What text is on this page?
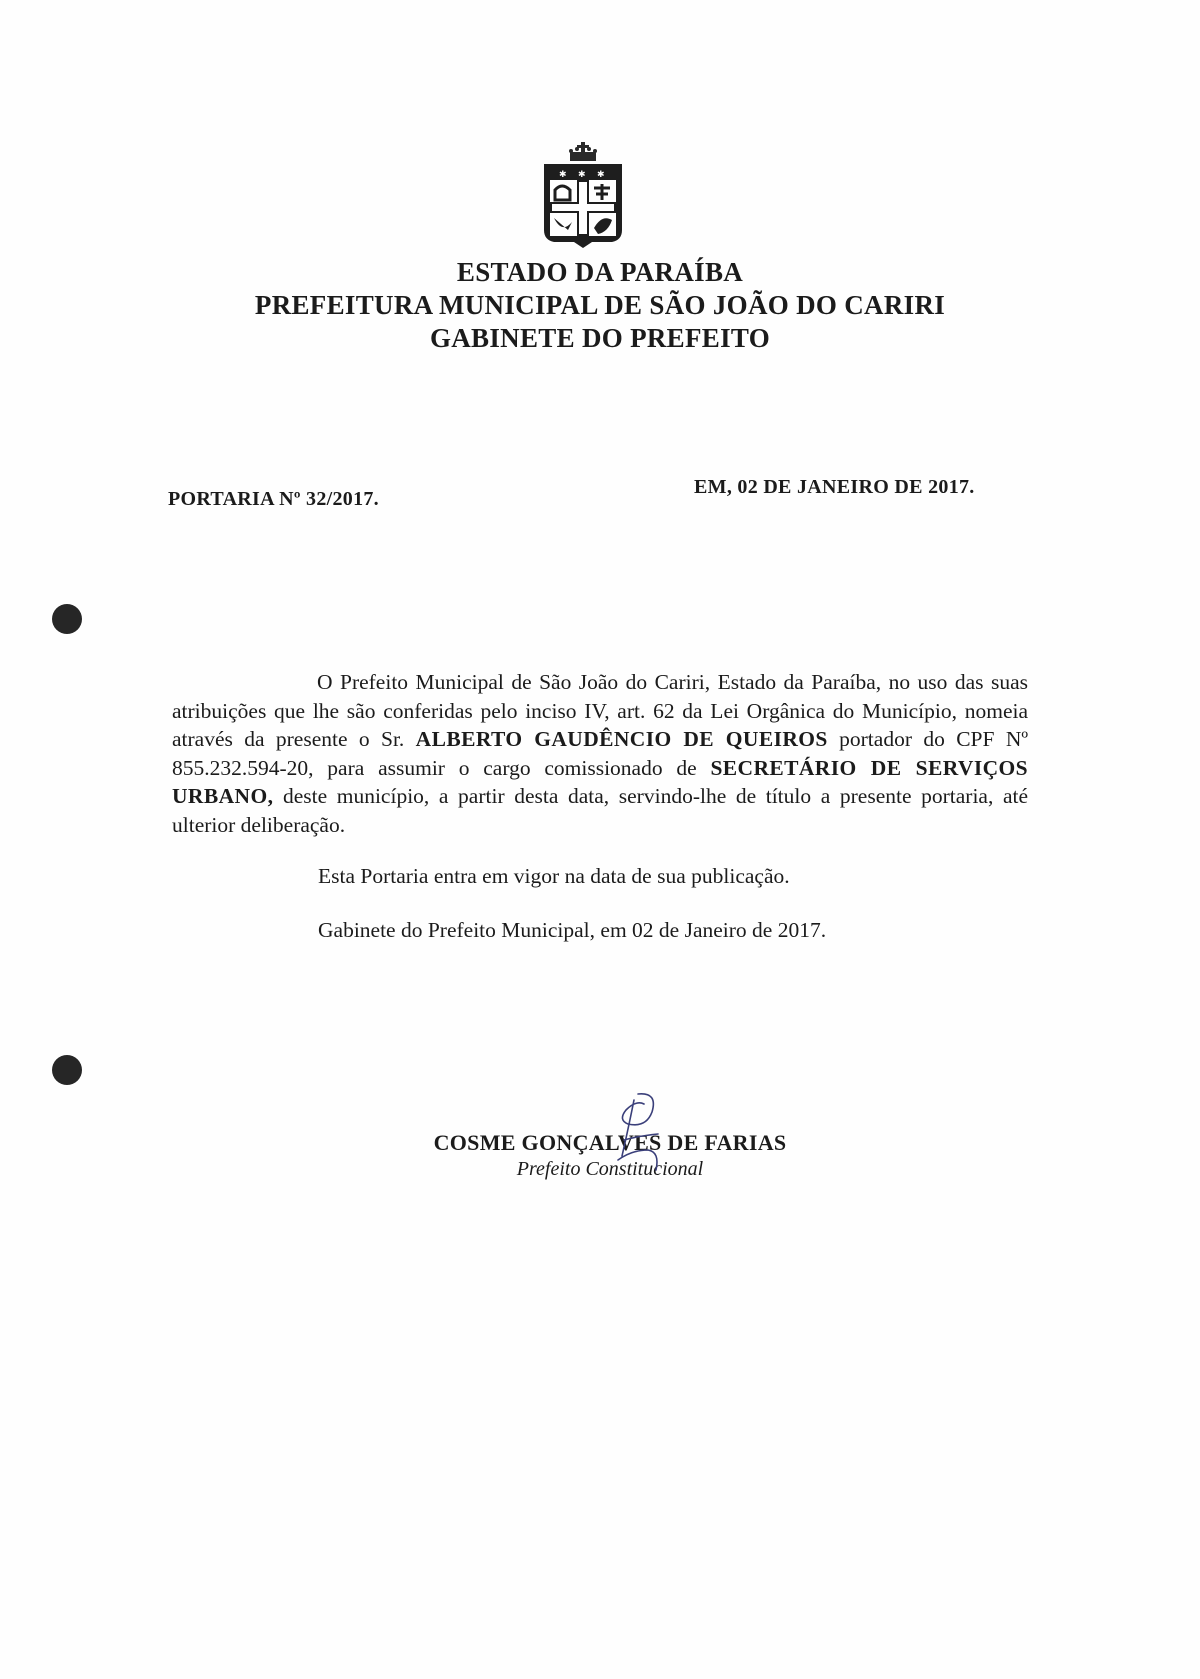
✱ ✱ ✱
ESTADO DA PARAÍBA
PREFEITURA MUNICIPAL DE SÃO JOÃO DO CARIRI
GABINETE DO PREFEITO
PORTARIA Nº 32/2017.
EM, 02 DE JANEIRO DE 2017.
O Prefeito Municipal de São João do Cariri, Estado da Paraíba, no uso das suas atribuições que lhe são conferidas pelo inciso IV, art. 62 da Lei Orgânica do Município, nomeia através da presente o Sr. ALBERTO GAUDÊNCIO DE QUEIROS portador do CPF Nº 855.232.594-20, para assumir o cargo comissionado de SECRETÁRIO DE SERVIÇOS URBANO, deste município, a partir desta data, servindo-lhe de título a presente portaria, até ulterior deliberação.
Esta Portaria entra em vigor na data de sua publicação.
Gabinete do Prefeito Municipal, em 02 de Janeiro de 2017.
COSME GONÇALVES DE FARIAS
Prefeito Constitucional
